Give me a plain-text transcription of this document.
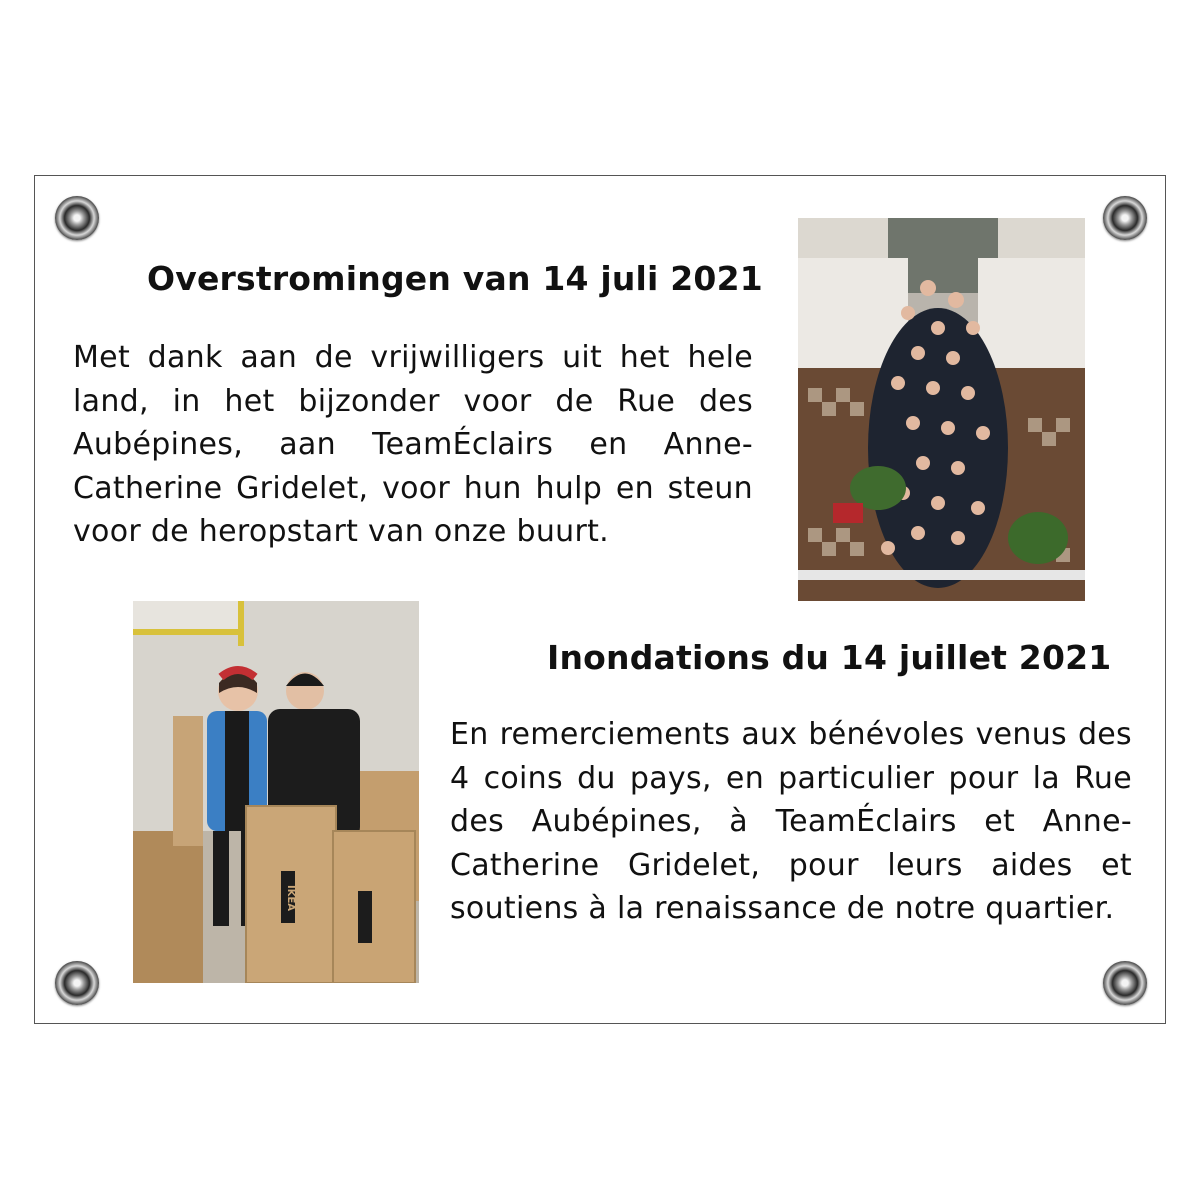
Overstromingen van 14 juli 2021
Met dank aan de vrijwilligers uit het hele land, in het bijzonder voor de Rue des Aubépines, aan TeamÉclairs en Anne-Catherine Gridelet, voor hun hulp en steun voor de heropstart van onze buurt.
IKEA
Inondations du 14 juillet 2021
En remerciements aux bénévoles venus des 4 coins du pays, en particulier pour la Rue des Aubépines, à TeamÉclairs et Anne-Catherine Gridelet, pour leurs aides et soutiens à la renaissance de notre quartier.
